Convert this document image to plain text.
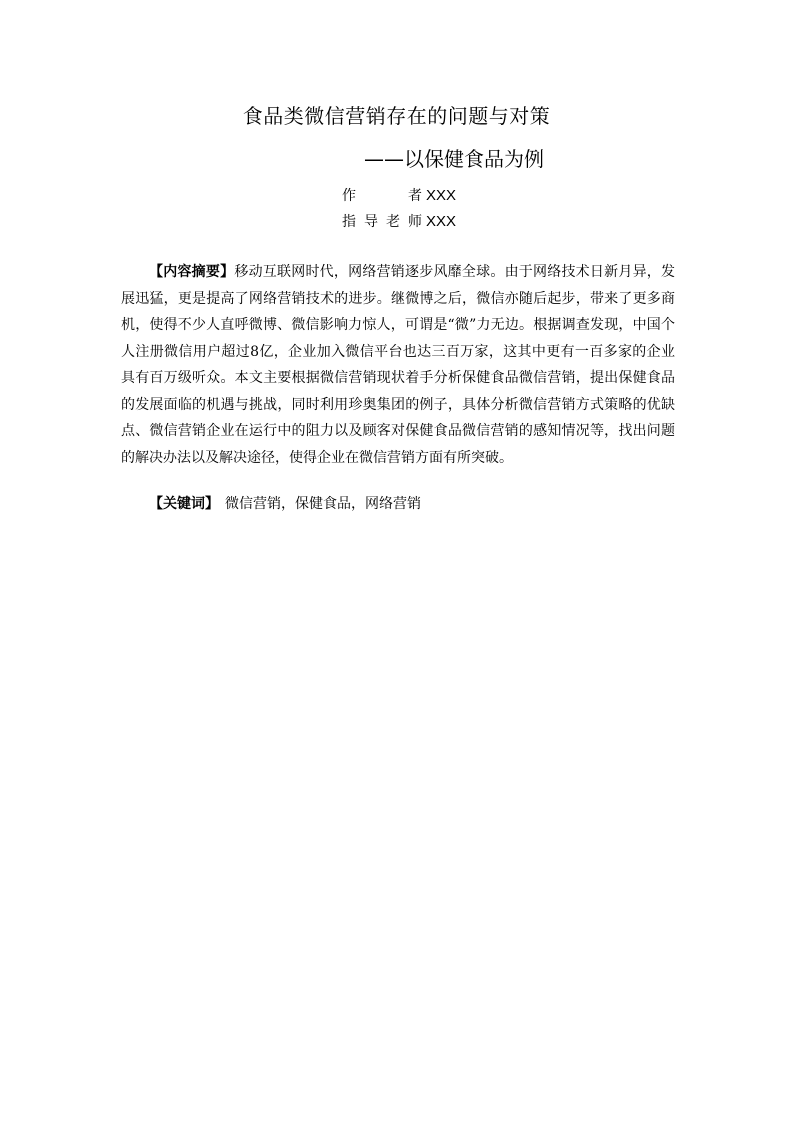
食品类微信营销存在的问题与对策
——以保健食品为例
作　　者 XXX
指导老师 XXX

【内容摘要】移动互联网时代，网络营销逐步风靡全球。由于网络技术日新月异，发展迅猛，更是提高了网络营销技术的进步。继微博之后，微信亦随后起步，带来了更多商机，使得不少人直呼微博、微信影响力惊人，可谓是“微”力无边。根据调查发现，中国个人注册微信用户超过8亿，企业加入微信平台也达三百万家，这其中更有一百多家的企业具有百万级听众。本文主要根据微信营销现状着手分析保健食品微信营销，提出保健食品的发展面临的机遇与挑战，同时利用珍奥集团的例子，具体分析微信营销方式策略的优缺点、微信营销企业在运行中的阻力以及顾客对保健食品微信营销的感知情况等，找出问题的解决办法以及解决途径，使得企业在微信营销方面有所突破。

【关键词】 微信营销，保健食品，网络营销
